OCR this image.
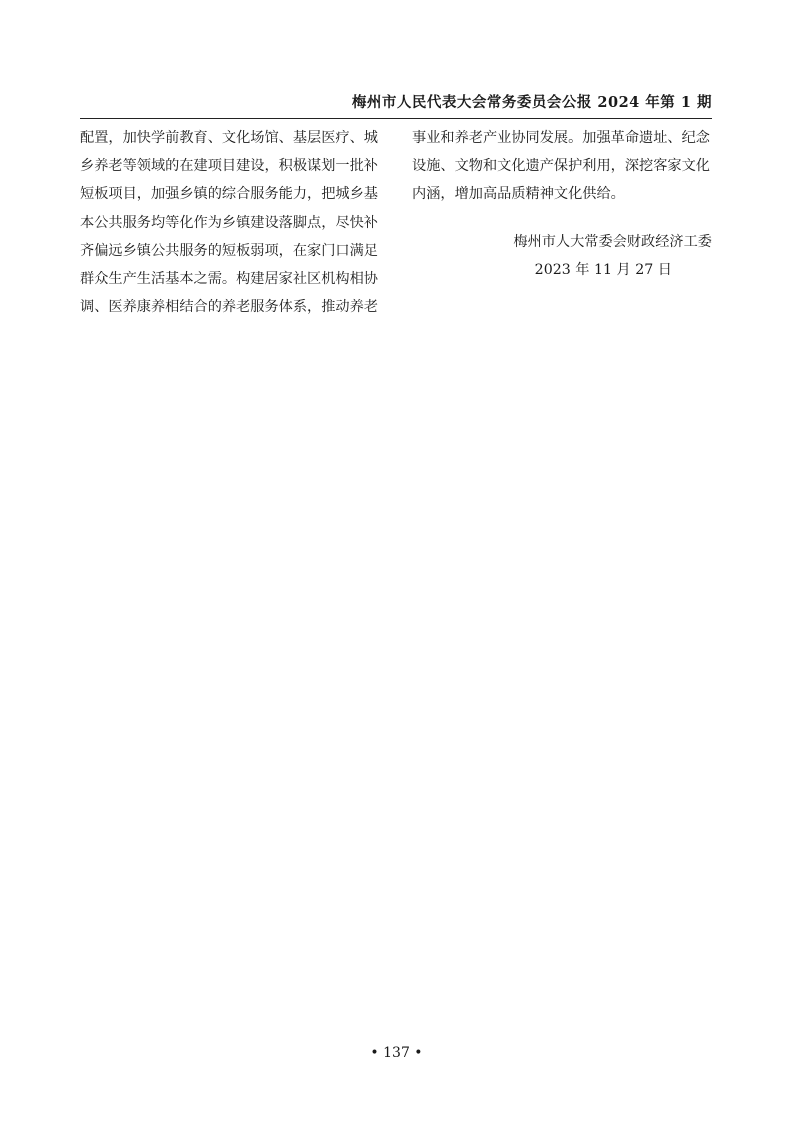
梅州市人民代表大会常务委员会公报 2024 年第 1 期
配置，加快学前教育、文化场馆、基层医疗、城
乡养老等领域的在建项目建设，积极谋划一批补
短板项目，加强乡镇的综合服务能力，把城乡基
本公共服务均等化作为乡镇建设落脚点，尽快补
齐偏远乡镇公共服务的短板弱项，在家门口满足
群众生产生活基本之需。构建居家社区机构相协
调、医养康养相结合的养老服务体系，推动养老
事业和养老产业协同发展。加强革命遗址、纪念
设施、文物和文化遗产保护利用，深挖客家文化
内涵，增加高品质精神文化供给。
梅州市人大常委会财政经济工委
2023 年 11 月 27 日
• 137 •
